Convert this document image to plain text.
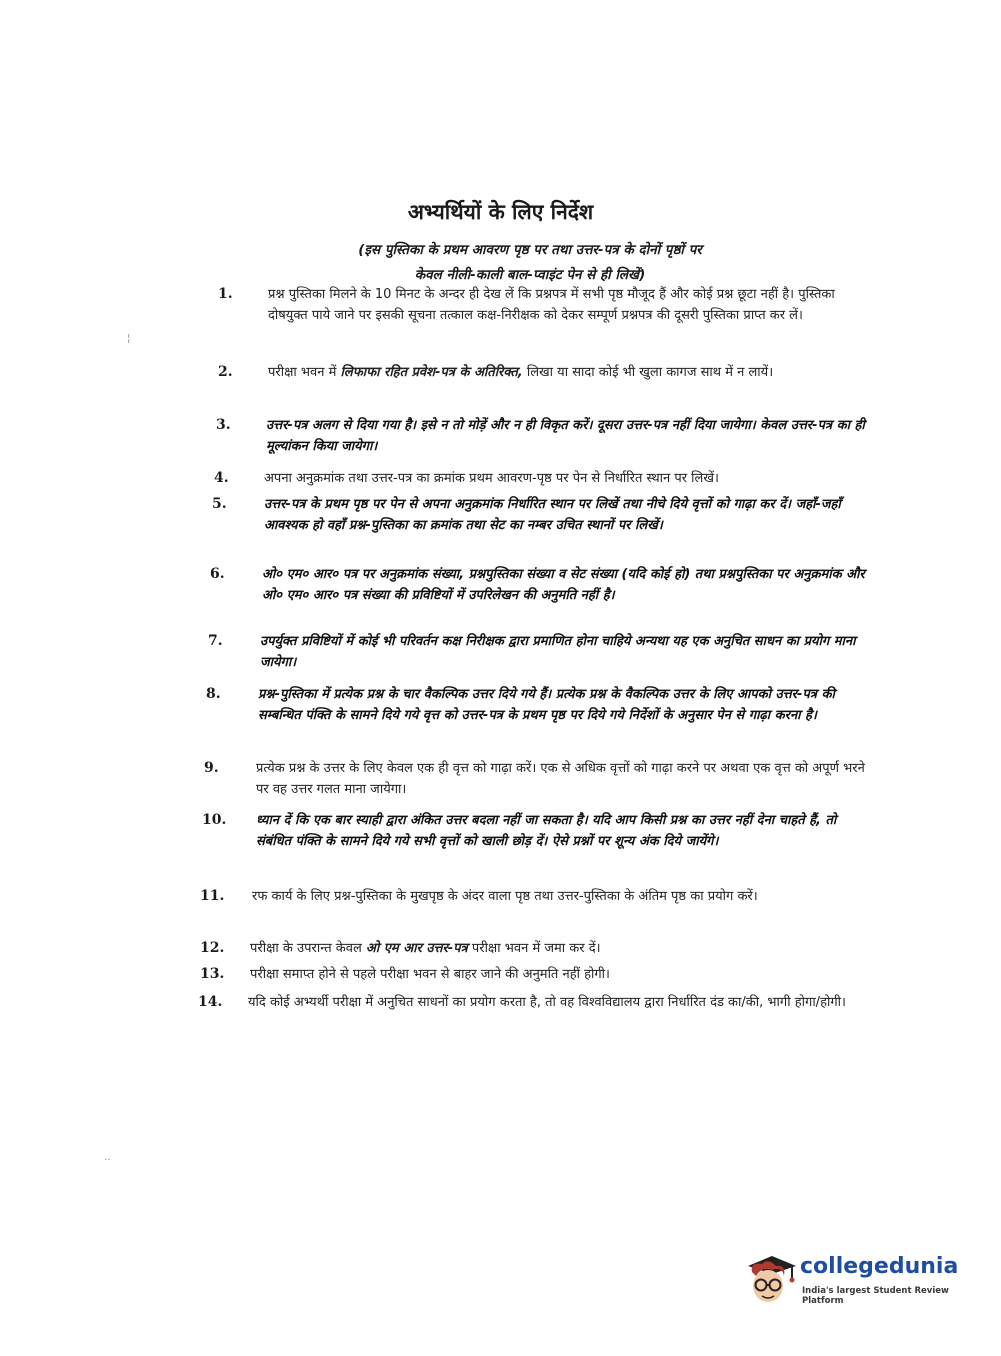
अभ्यर्थियों के लिए निर्देश
(इस पुस्तिका के प्रथम आवरण पृष्ठ पर तथा उत्तर-पत्र के दोनों पृष्ठों पर
केवल नीली-काली बाल-प्वाइंट पेन से ही लिखें)
¦
‥
1.	प्रश्न पुस्तिका मिलने के 10 मिनट के अन्दर ही देख लें कि प्रश्नपत्र में सभी पृष्ठ मौजूद हैं और कोई प्रश्न छूटा नहीं है। पुस्तिका दोषयुक्त पाये जाने पर इसकी सूचना तत्काल कक्ष-निरीक्षक को देकर सम्पूर्ण प्रश्नपत्र की दूसरी पुस्तिका प्राप्त कर लें।
2.	परीक्षा भवन में लिफाफा रहित प्रवेश-पत्र के अतिरिक्त, लिखा या सादा कोई भी खुला कागज साथ में न लायें।
3.	उत्तर-पत्र अलग से दिया गया है। इसे न तो मोड़ें और न ही विकृत करें। दूसरा उत्तर-पत्र नहीं दिया जायेगा। केवल उत्तर-पत्र का ही मूल्यांकन किया जायेगा।
4.	अपना अनुक्रमांक तथा उत्तर-पत्र का क्रमांक प्रथम आवरण-पृष्ठ पर पेन से निर्धारित स्थान पर लिखें।
5.	उत्तर-पत्र के प्रथम पृष्ठ पर पेन से अपना अनुक्रमांक निर्धारित स्थान पर लिखें तथा नीचे दिये वृत्तों को गाढ़ा कर दें। जहाँ-जहाँ आवश्यक हो वहाँ प्रश्न-पुस्तिका का क्रमांक तथा सेट का नम्बर उचित स्थानों पर लिखें।
6.	ओ० एम० आर० पत्र पर अनुक्रमांक संख्या, प्रश्नपुस्तिका संख्या व सेट संख्या (यदि कोई हो) तथा प्रश्नपुस्तिका पर अनुक्रमांक और ओ० एम० आर० पत्र संख्या की प्रविष्टियों में उपरिलेखन की अनुमति नहीं है।
7.	उपर्युक्त प्रविष्टियों में कोई भी परिवर्तन कक्ष निरीक्षक द्वारा प्रमाणित होना चाहिये अन्यथा यह एक अनुचित साधन का प्रयोग माना जायेगा।
8.	प्रश्न-पुस्तिका में प्रत्येक प्रश्न के चार वैकल्पिक उत्तर दिये गये हैं। प्रत्येक प्रश्न के वैकल्पिक उत्तर के लिए आपको उत्तर-पत्र की सम्बन्धित पंक्ति के सामने दिये गये वृत्त को उत्तर-पत्र के प्रथम पृष्ठ पर दिये गये निर्देशों के अनुसार पेन से गाढ़ा करना है।
9.	प्रत्येक प्रश्न के उत्तर के लिए केवल एक ही वृत्त को गाढ़ा करें। एक से अधिक वृत्तों को गाढ़ा करने पर अथवा एक वृत्त को अपूर्ण भरने पर वह उत्तर गलत माना जायेगा।
10. ध्यान दें कि एक बार स्याही द्वारा अंकित उत्तर बदला नहीं जा सकता है। यदि आप किसी प्रश्न का उत्तर नहीं देना चाहते हैं, तो संबंधित पंक्ति के सामने दिये गये सभी वृत्तों को खाली छोड़ दें। ऐसे प्रश्नों पर शून्य अंक दिये जायेंगे।
11. रफ कार्य के लिए प्रश्न-पुस्तिका के मुखपृष्ठ के अंदर वाला पृष्ठ तथा उत्तर-पुस्तिका के अंतिम पृष्ठ का प्रयोग करें।
12. परीक्षा के उपरान्त केवल ओ एम आर उत्तर-पत्र परीक्षा भवन में जमा कर दें।
13. परीक्षा समाप्त होने से पहले परीक्षा भवन से बाहर जाने की अनुमति नहीं होगी।
14. यदि कोई अभ्यर्थी परीक्षा में अनुचित साधनों का प्रयोग करता है, तो वह विश्वविद्यालय द्वारा निर्धारित दंड का/की, भागी होगा/होगी।
collegedunia
India's largest Student Review Platform
